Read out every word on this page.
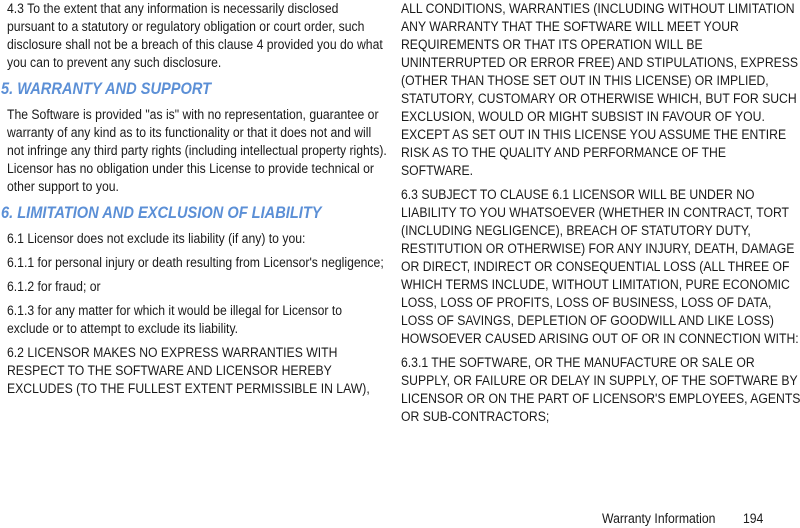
4.3 To the extent that any information is necessarily disclosed pursuant to a statutory or regulatory obligation or court order, such disclosure shall not be a breach of this clause 4 provided you do what you can to prevent any such disclosure.

5. WARRANTY AND SUPPORT

The Software is provided "as is" with no representation, guarantee or warranty of any kind as to its functionality or that it does not and will not infringe any third party rights (including intellectual property rights). Licensor has no obligation under this License to provide technical or other support to you.

6. LIMITATION AND EXCLUSION OF LIABILITY

6.1 Licensor does not exclude its liability (if any) to you:

6.1.1 for personal injury or death resulting from Licensor's negligence;

6.1.2 for fraud; or

6.1.3 for any matter for which it would be illegal for Licensor to exclude or to attempt to exclude its liability.

6.2 LICENSOR MAKES NO EXPRESS WARRANTIES WITH RESPECT TO THE SOFTWARE AND LICENSOR HEREBY EXCLUDES (TO THE FULLEST EXTENT PERMISSIBLE IN LAW),

ALL CONDITIONS, WARRANTIES (INCLUDING WITHOUT LIMITATION ANY WARRANTY THAT THE SOFTWARE WILL MEET YOUR REQUIREMENTS OR THAT ITS OPERATION WILL BE UNINTERRUPTED OR ERROR FREE) AND STIPULATIONS, EXPRESS (OTHER THAN THOSE SET OUT IN THIS LICENSE) OR IMPLIED, STATUTORY, CUSTOMARY OR OTHERWISE WHICH, BUT FOR SUCH EXCLUSION, WOULD OR MIGHT SUBSIST IN FAVOUR OF YOU. EXCEPT AS SET OUT IN THIS LICENSE YOU ASSUME THE ENTIRE RISK AS TO THE QUALITY AND PERFORMANCE OF THE SOFTWARE.

6.3 SUBJECT TO CLAUSE 6.1 LICENSOR WILL BE UNDER NO LIABILITY TO YOU WHATSOEVER (WHETHER IN CONTRACT, TORT (INCLUDING NEGLIGENCE), BREACH OF STATUTORY DUTY, RESTITUTION OR OTHERWISE) FOR ANY INJURY, DEATH, DAMAGE OR DIRECT, INDIRECT OR CONSEQUENTIAL LOSS (ALL THREE OF WHICH TERMS INCLUDE, WITHOUT LIMITATION, PURE ECONOMIC LOSS, LOSS OF PROFITS, LOSS OF BUSINESS, LOSS OF DATA, LOSS OF SAVINGS, DEPLETION OF GOODWILL AND LIKE LOSS) HOWSOEVER CAUSED ARISING OUT OF OR IN CONNECTION WITH:

6.3.1 THE SOFTWARE, OR THE MANUFACTURE OR SALE OR SUPPLY, OR FAILURE OR DELAY IN SUPPLY, OF THE SOFTWARE BY LICENSOR OR ON THE PART OF LICENSOR'S EMPLOYEES, AGENTS OR SUB-CONTRACTORS;

Warranty Information 194
